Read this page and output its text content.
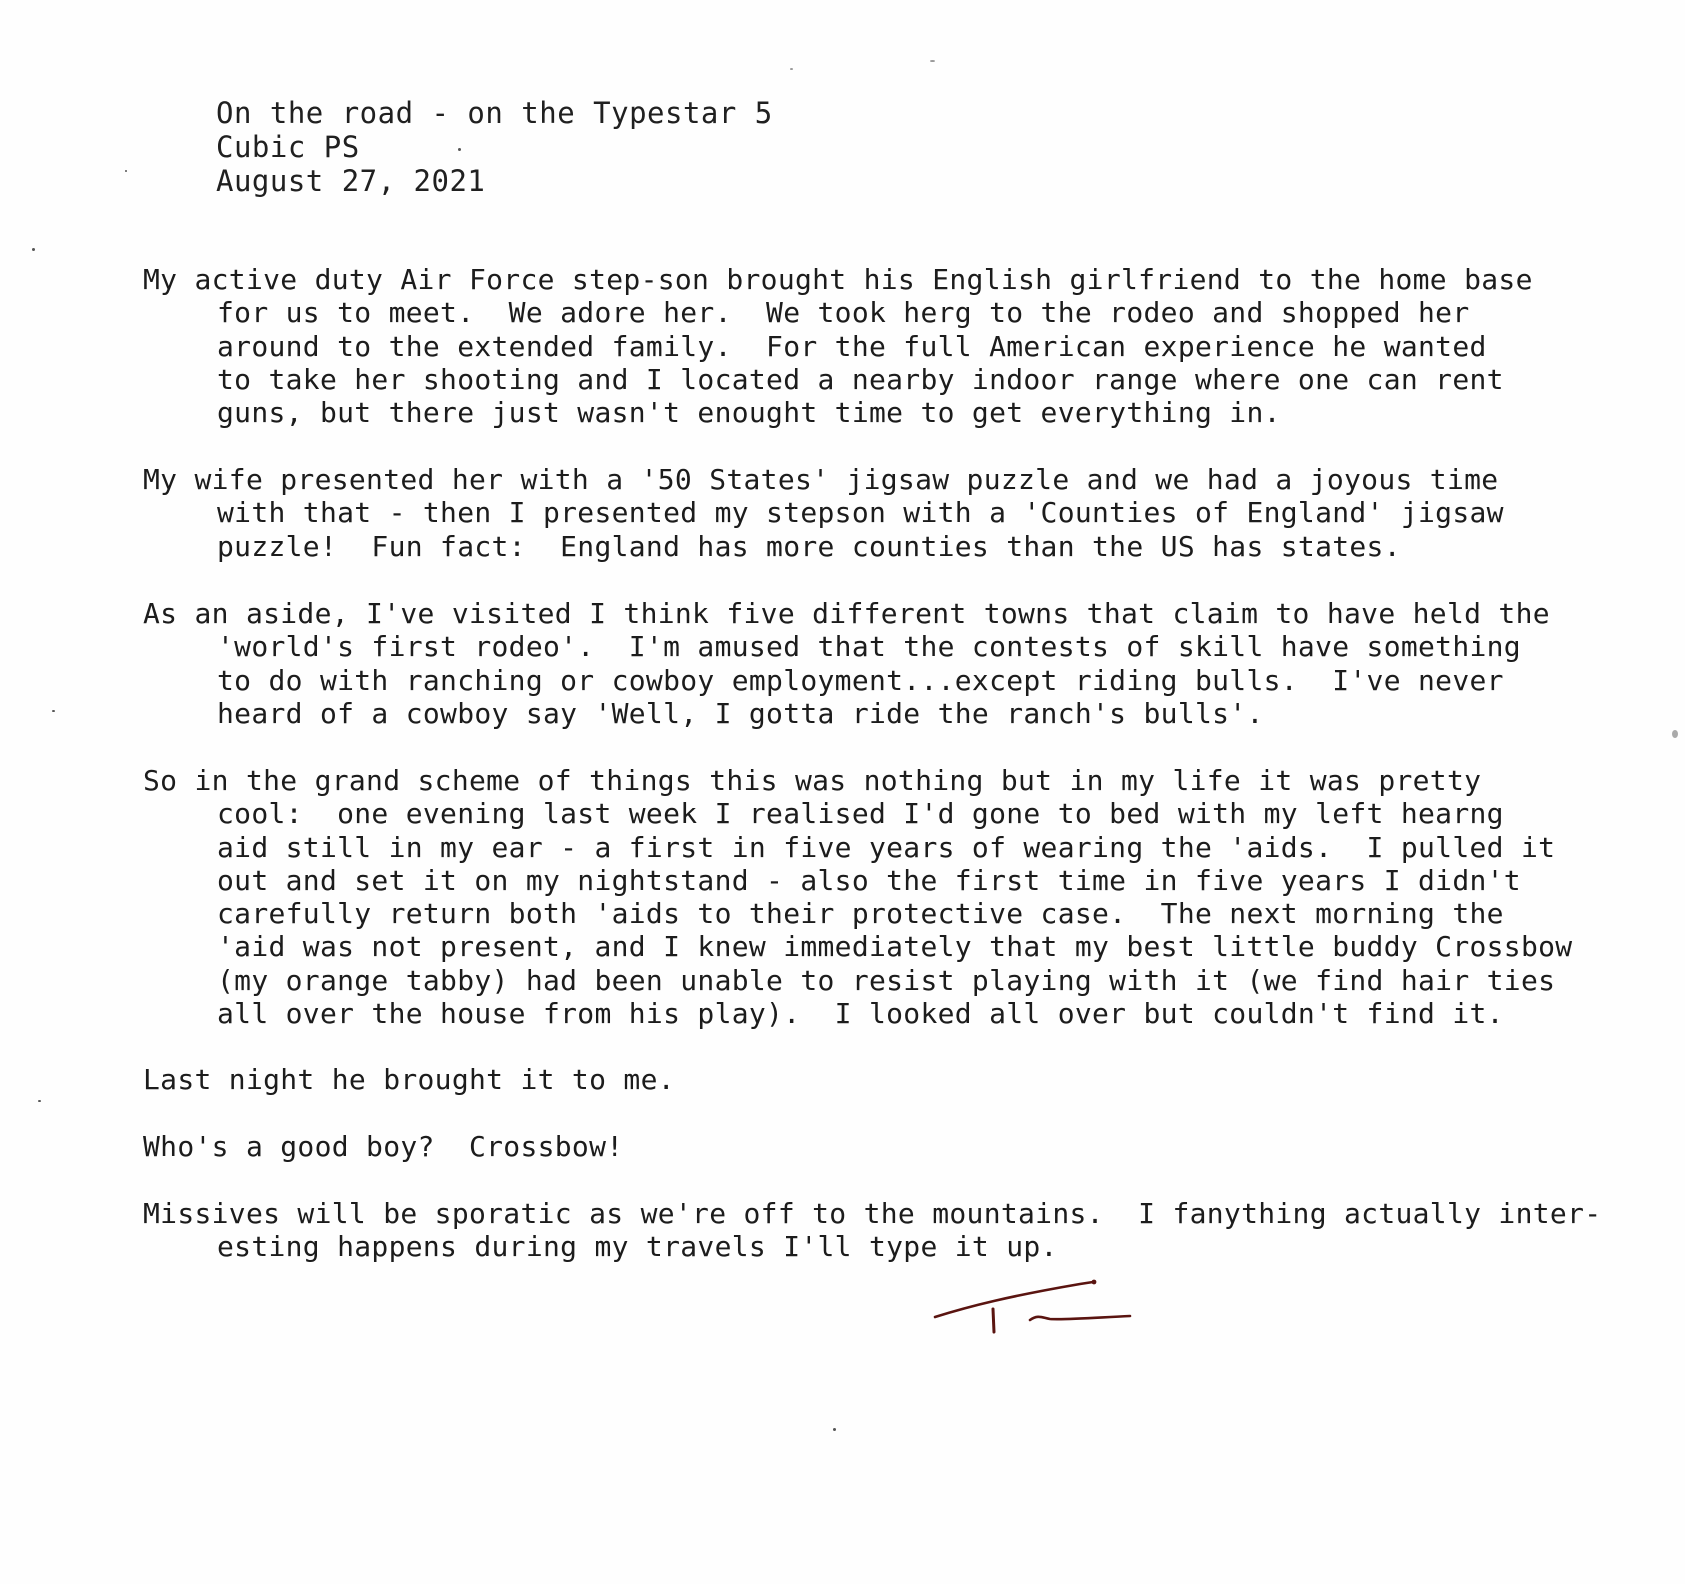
On the road - on the Typestar 5
Cubic PS
August 27, 2021
My active duty Air Force step-son brought his English girlfriend to the home base
for us to meet.  We adore her.  We took herg to the rodeo and shopped her
around to the extended family.  For the full American experience he wanted
to take her shooting and I located a nearby indoor range where one can rent
guns, but there just wasn't enought time to get everything in.
My wife presented her with a '50 States' jigsaw puzzle and we had a joyous time
with that - then I presented my stepson with a 'Counties of England' jigsaw
puzzle!  Fun fact:  England has more counties than the US has states.
As an aside, I've visited I think five different towns that claim to have held the
'world's first rodeo'.  I'm amused that the contests of skill have something
to do with ranching or cowboy employment...except riding bulls.  I've never
heard of a cowboy say 'Well, I gotta ride the ranch's bulls'.
So in the grand scheme of things this was nothing but in my life it was pretty
cool:  one evening last week I realised I'd gone to bed with my left hearng
aid still in my ear - a first in five years of wearing the 'aids.  I pulled it
out and set it on my nightstand - also the first time in five years I didn't
carefully return both 'aids to their protective case.  The next morning the
'aid was not present, and I knew immediately that my best little buddy Crossbow
(my orange tabby) had been unable to resist playing with it (we find hair ties
all over the house from his play).  I looked all over but couldn't find it.
Last night he brought it to me.
Who's a good boy?  Crossbow!
Missives will be sporatic as we're off to the mountains.  I fanything actually inter-
esting happens during my travels I'll type it up.
